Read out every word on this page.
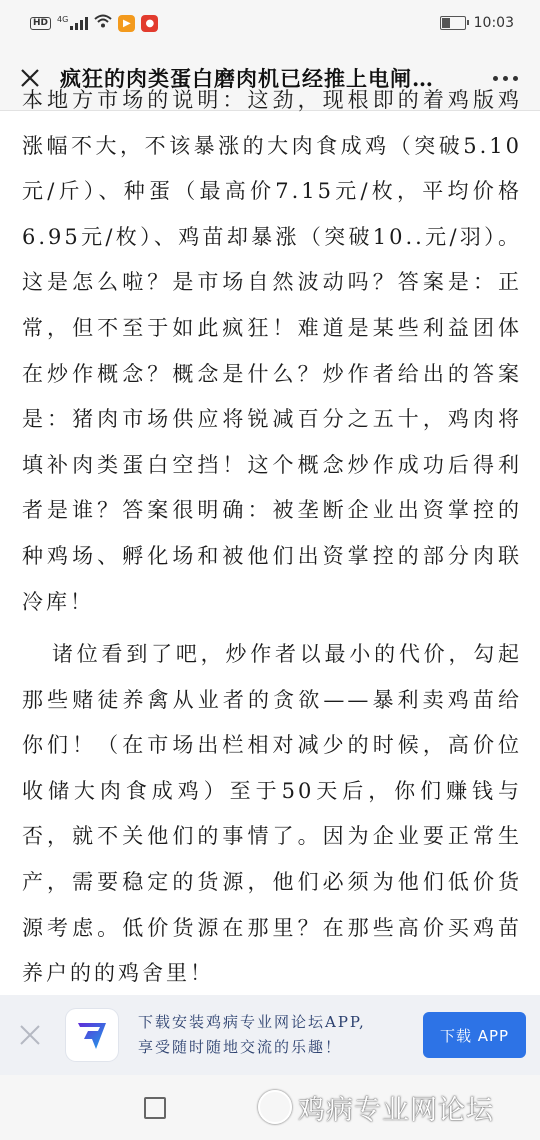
HD	4G	▶	●	10:03
疯狂的肉类蛋白磨肉机已经推上电闸…
本地方市场的说明：这劲，现根即的着鸡版鸡涨幅不大，不该暴涨的大肉食成鸡（突破5.10元/斤）、种蛋（最高价7.15元/枚，平均价格6.95元/枚）、鸡苗却暴涨（突破10..元/羽）。这是怎么啦？是市场自然波动吗？答案是：正常，但不至于如此疯狂！难道是某些利益团体在炒作概念？概念是什么？炒作者给出的答案是：猪肉市场供应将锐减百分之五十，鸡肉将填补肉类蛋白空挡！这个概念炒作成功后得利者是谁？答案很明确：被垄断企业出资掌控的种鸡场、孵化场和被他们出资掌控的部分肉联冷库！
诸位看到了吧，炒作者以最小的代价，勾起那些赌徒养禽从业者的贪欲——暴利卖鸡苗给你们！（在市场出栏相对减少的时候，高价位收储大肉食成鸡）至于50天后，你们赚钱与否，就不关他们的事情了。因为企业要正常生产，需要稳定的货源，他们必须为他们低价货源考虑。低价货源在那里？在那些高价买鸡苗养户的的鸡舍里！
下载安装鸡病专业网论坛APP,
享受随时随地交流的乐趣！
下载 APP
鸡病专业网论坛
